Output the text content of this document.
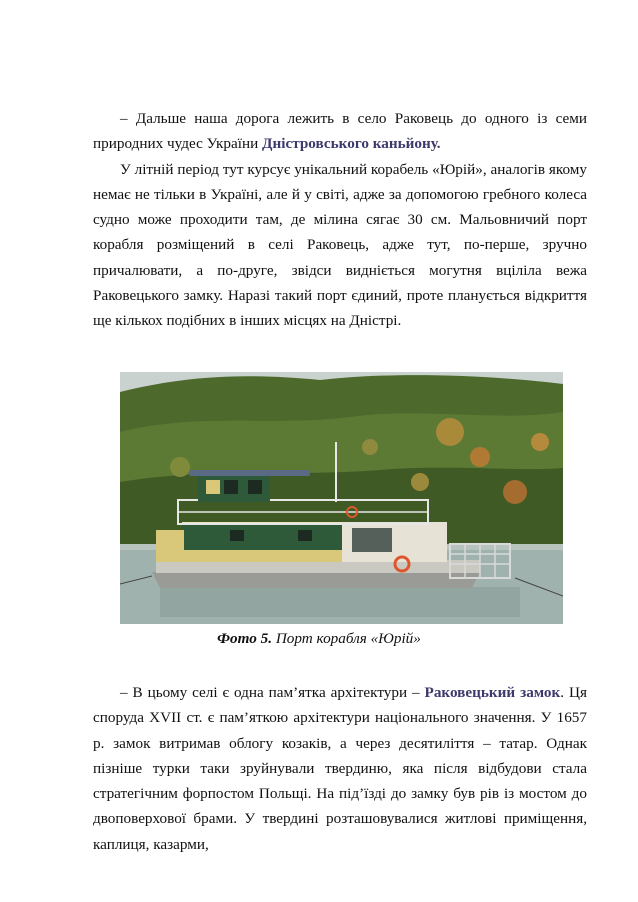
– Дальше наша дорога лежить в село Раковець до одного із семи природних чудес України Дністровського каньйону.

У літній період тут курсує унікальний корабель «Юрій», аналогів якому немає не тільки в Україні, але й у світі, адже за допомогою гребного колеса судно може проходити там, де мілина сягає 30 см. Мальовничий порт корабля розміщений в селі Раковець, адже тут, по-перше, зручно причалювати, а по-друге, звідси видніється могутня вціліла вежа Раковецького замку. Наразі такий порт єдиний, проте планується відкриття ще кількох подібних в інших місцях на Дністрі.

Фото 5. Порт корабля «Юрій»

– В цьому селі є одна пам’ятка архітектури – Раковецький замок. Ця споруда XVII ст. є пам’яткою архітектури національного значення. У 1657 р. замок витримав облогу козаків, а через десятиліття – татар. Однак пізніше турки таки зруйнували твердиню, яка після відбудови стала стратегічним форпостом Польщі. На під’їзді до замку був рів із мостом до двоповерхової брами. У твердині розташовувалися житлові приміщення, каплиця, казарми,
